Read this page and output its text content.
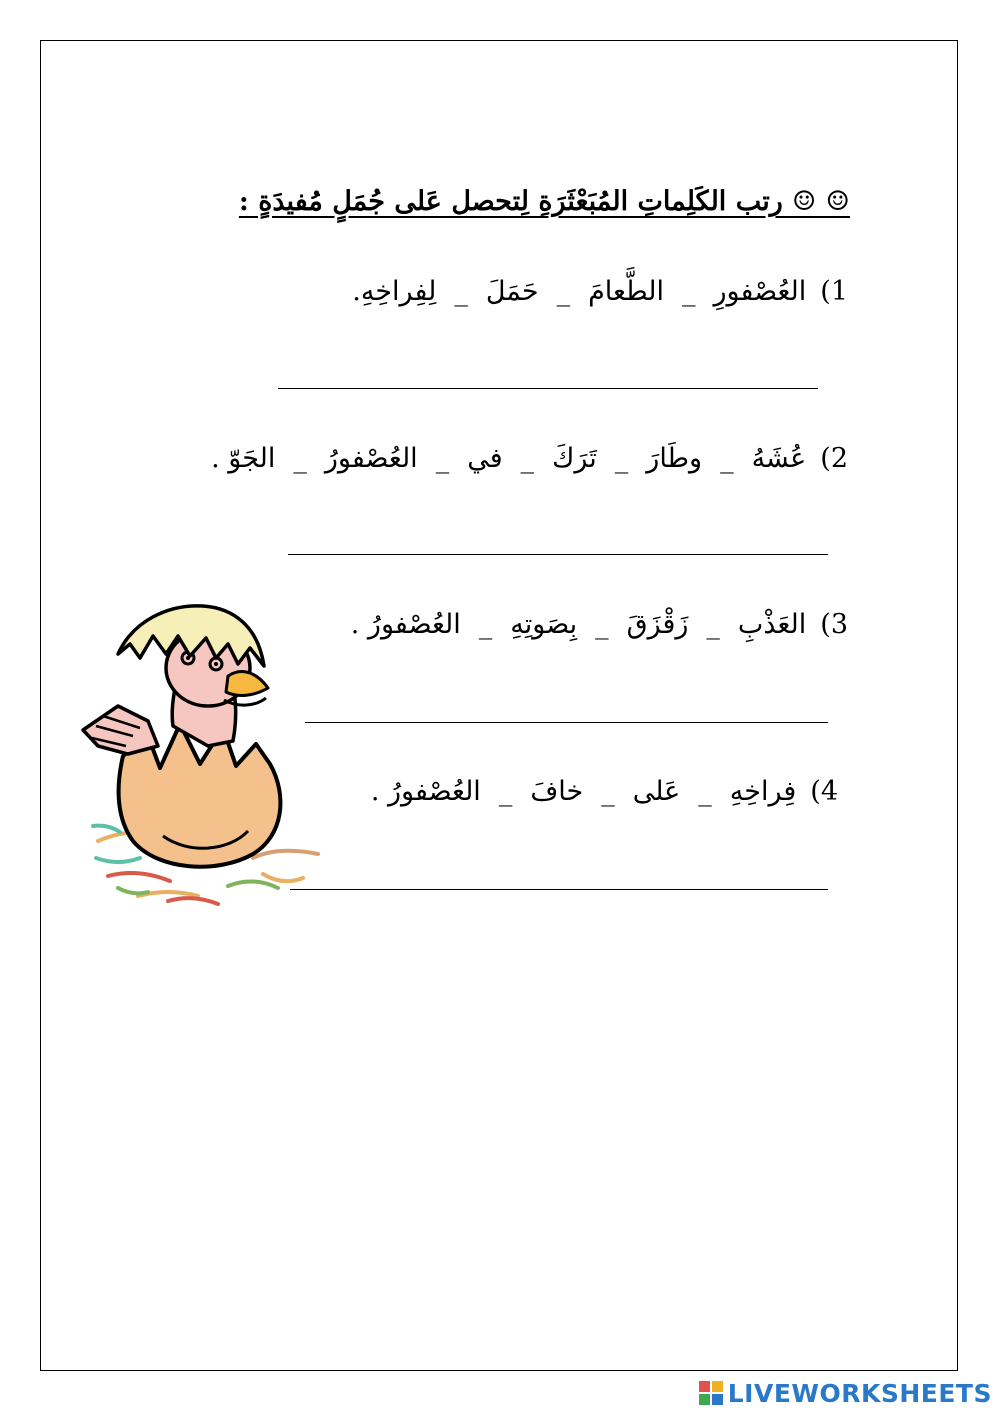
☺ ☺ رتب الكَلِماتِ المُبَعْثَرَةِ لِتحصل عَلى جُمَلٍ مُفيدَةٍ :
1)
العُصْفورِ
_
الطَّعامَ
_
حَمَلَ
_
لِفِراخِهِ.
2)
عُشَهُ
_
وطَارَ
_
تَرَكَ
_
في
_
العُصْفورُ
_
الجَوّ .
3)
العَذْبِ
_
زَقْزَقَ
_
بِصَوتِهِ
_
العُصْفورُ .
4)
فِراخِهِ
_
عَلى
_
خافَ
_
العُصْفورُ .
LIVEWORKSHEETS
